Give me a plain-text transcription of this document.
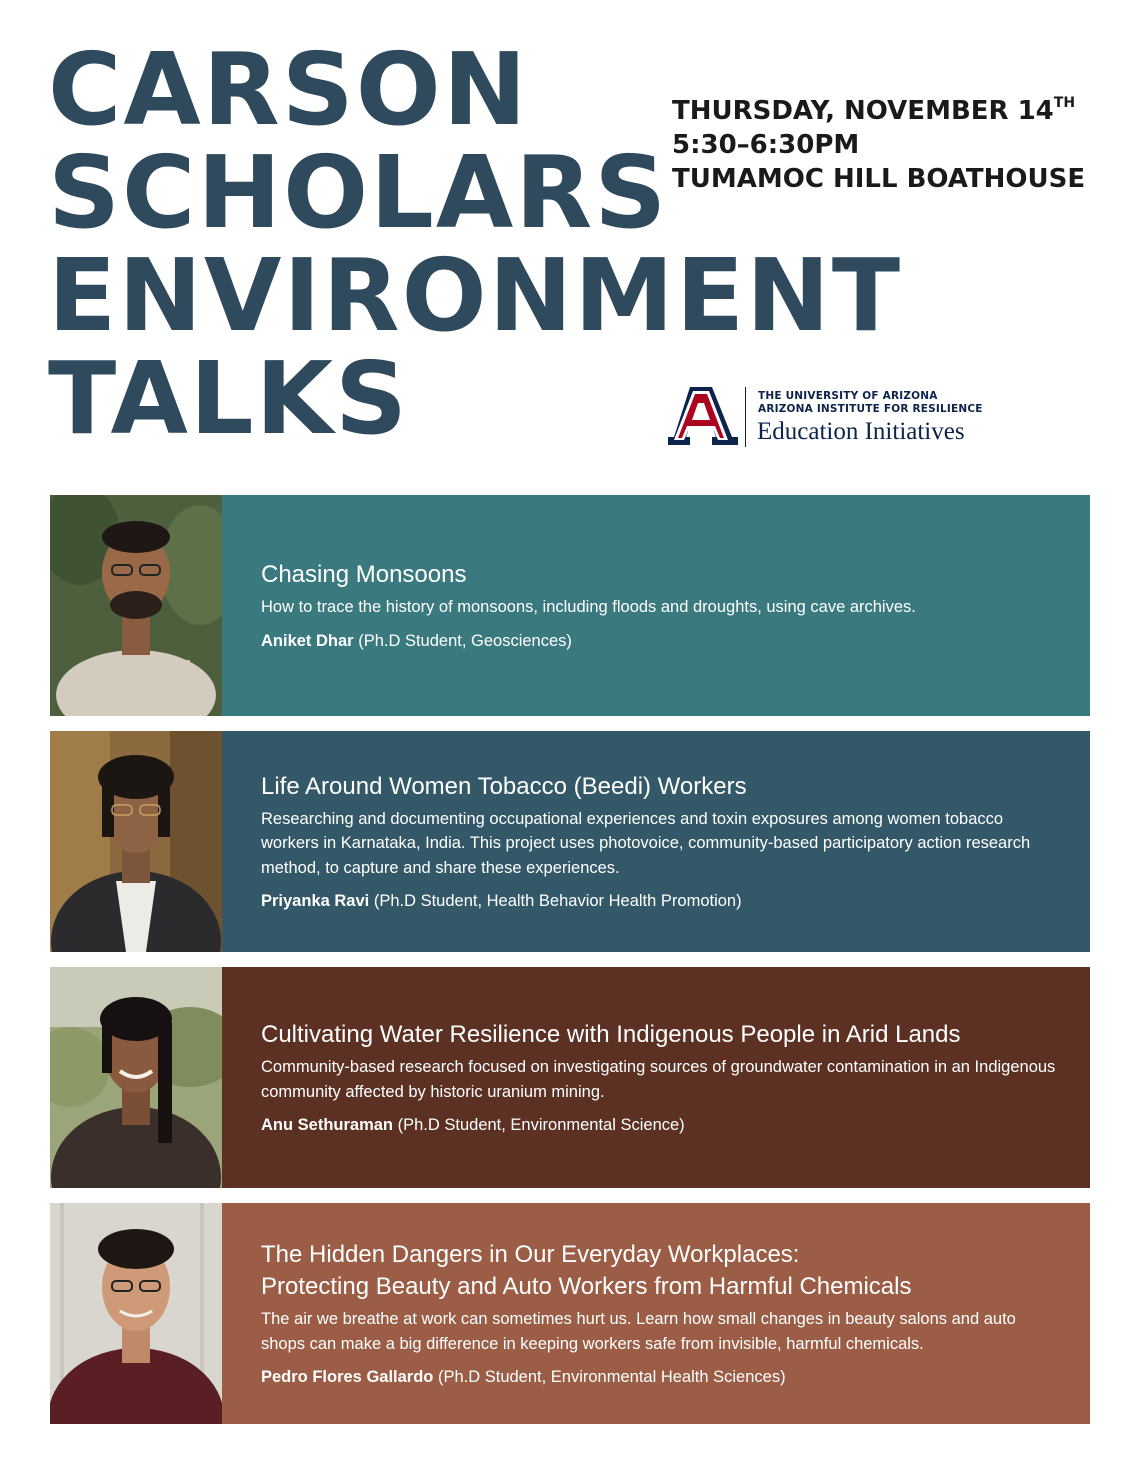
CARSON
SCHOLARS
ENVIRONMENT
TALKS
THURSDAY, NOVEMBER 14TH
5:30–6:30PM
TUMAMOC HILL BOATHOUSE
THE UNIVERSITY OF ARIZONA
ARIZONA INSTITUTE FOR RESILIENCE
Education Initiatives
Chasing Monsoons
How to trace the history of monsoons, including floods and droughts, using cave archives.
Aniket Dhar (Ph.D Student, Geosciences)
Life Around Women Tobacco (Beedi) Workers
Researching and documenting occupational experiences and toxin exposures among women tobacco workers in Karnataka, India. This project uses photovoice, community-based participatory action research method, to capture and share these experiences.
Priyanka Ravi (Ph.D Student, Health Behavior Health Promotion)
Cultivating Water Resilience with Indigenous People in Arid Lands
Community-based research focused on investigating sources of groundwater contamination in an Indigenous community affected by historic uranium mining.
Anu Sethuraman (Ph.D Student, Environmental Science)
The Hidden Dangers in Our Everyday Workplaces:
Protecting Beauty and Auto Workers from Harmful Chemicals
The air we breathe at work can sometimes hurt us. Learn how small changes in beauty salons and auto shops can make a big difference in keeping workers safe from invisible, harmful chemicals.
Pedro Flores Gallardo (Ph.D Student, Environmental Health Sciences)
